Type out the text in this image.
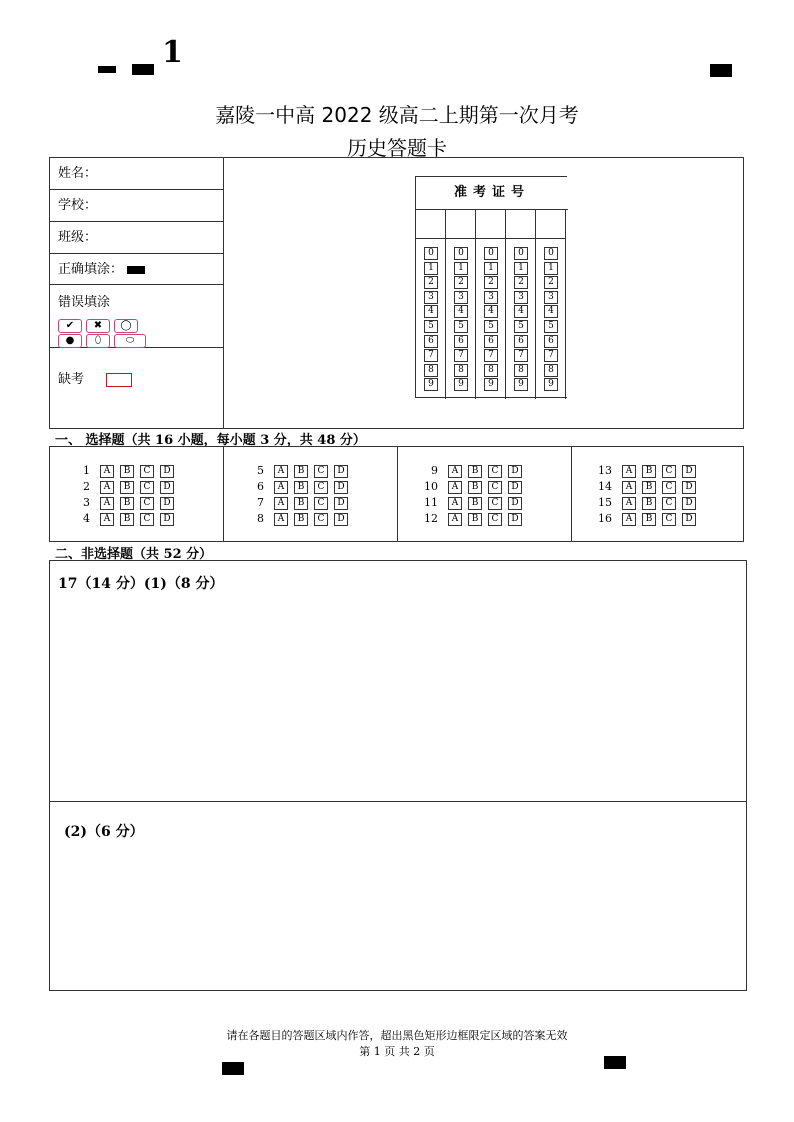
1
嘉陵一中高 2022 级高二上期第一次月考
历史答题卡
姓名：
学校：
班级：
正确填涂：
错误填涂
✔ ✖ ◯
● ⬯ ⬭
缺考
准考证号
0
1
2
3
4
5
6
7
8
9
0
1
2
3
4
5
6
7
8
9
0
1
2
3
4
5
6
7
8
9
0
1
2
3
4
5
6
7
8
9
0
1
2
3
4
5
6
7
8
9
一、 选择题（共 16 小题，每小题 3 分，共 48 分）
1 A B C D
2 A B C D
3 A B C D
4 A B C D
5 A B C D
6 A B C D
7 A B C D
8 A B C D
9 A B C D
10 A B C D
11 A B C D
12 A B C D
13 A B C D
14 A B C D
15 A B C D
16 A B C D
二、非选择题（共 52 分）
17（14 分）(1)（8 分）
(2)（6 分）
请在各题目的答题区域内作答，超出黑色矩形边框限定区域的答案无效
第 1 页 共 2 页
